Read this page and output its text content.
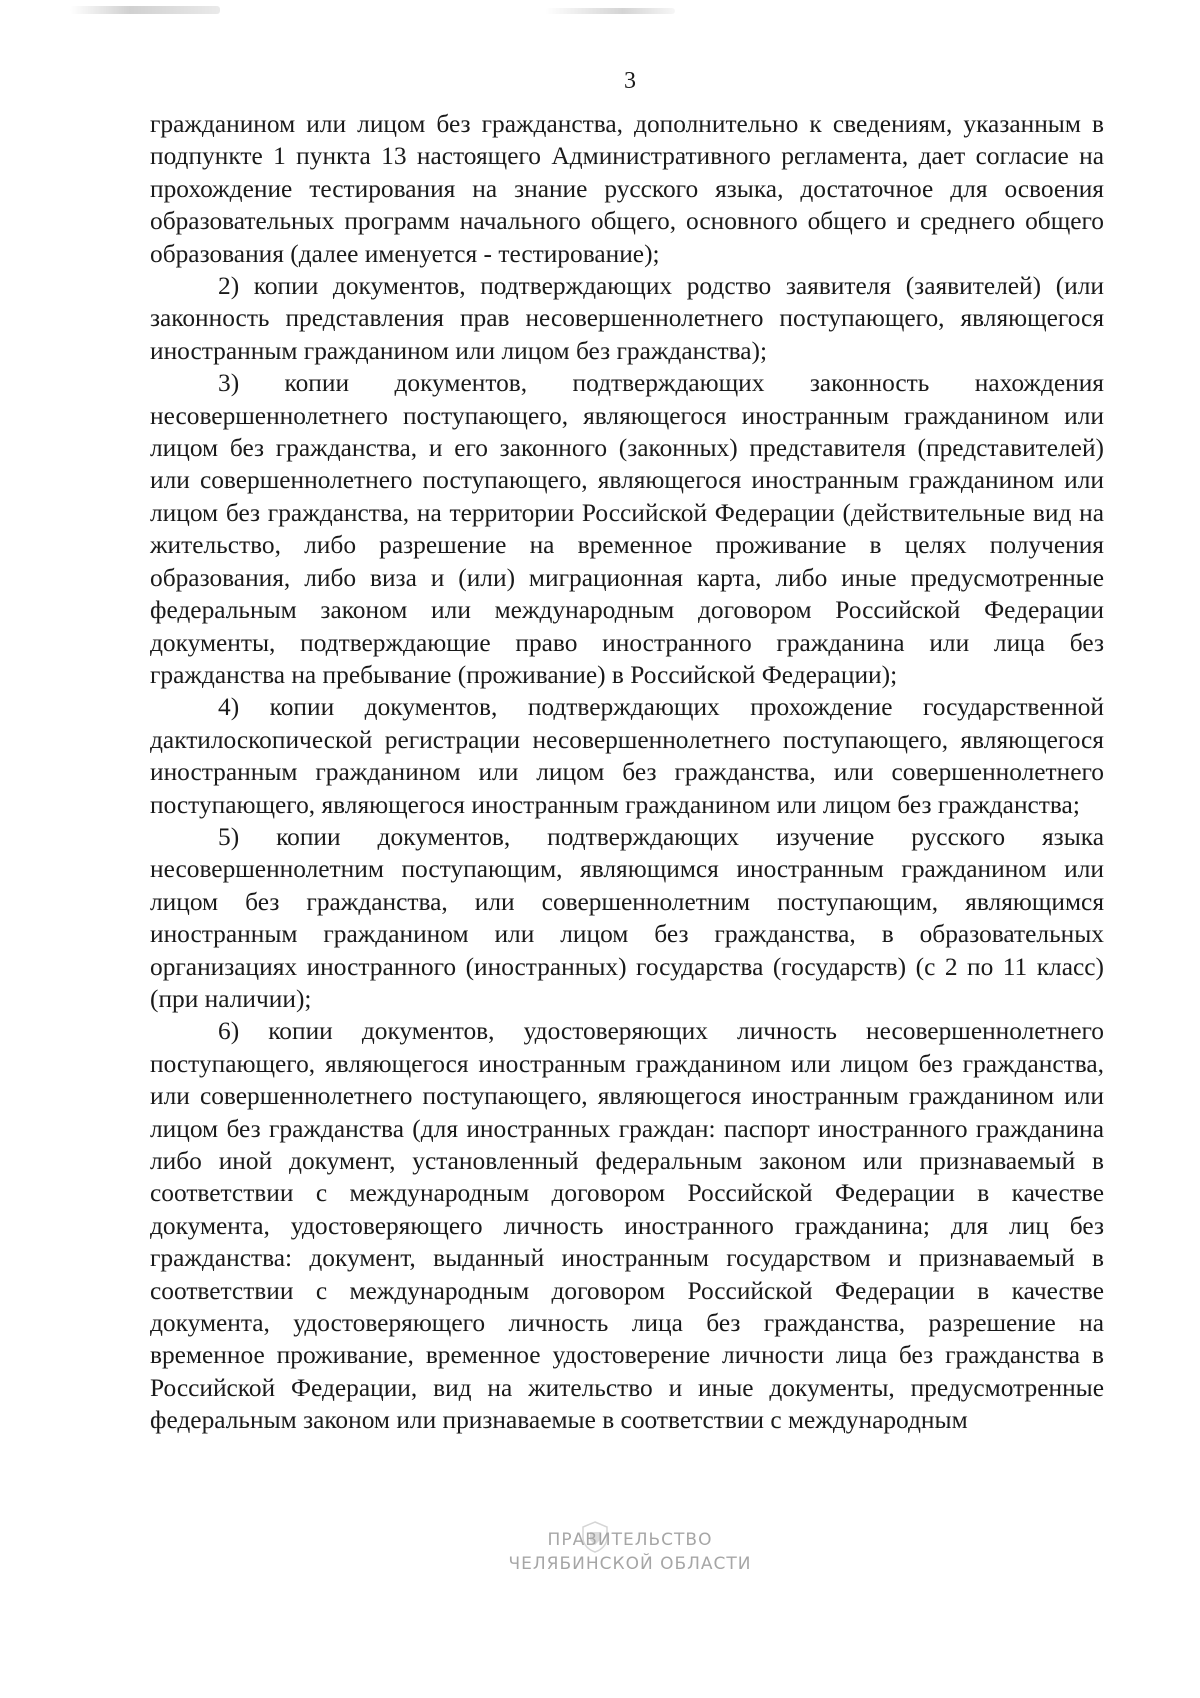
3

гражданином или лицом без гражданства, дополнительно к сведениям, указанным в подпункте 1 пункта 13 настоящего Административного регламента, дает согласие на прохождение тестирования на знание русского языка, достаточное для освоения образовательных программ начального общего, основного общего и среднего общего образования (далее именуется - тестирование);

2) копии документов, подтверждающих родство заявителя (заявителей) (или законность представления прав несовершеннолетнего поступающего, являющегося иностранным гражданином или лицом без гражданства);

3) копии документов, подтверждающих законность нахождения несовершеннолетнего поступающего, являющегося иностранным гражданином или лицом без гражданства, и его законного (законных) представителя (представителей) или совершеннолетнего поступающего, являющегося иностранным гражданином или лицом без гражданства, на территории Российской Федерации (действительные вид на жительство, либо разрешение на временное проживание в целях получения образования, либо виза и (или) миграционная карта, либо иные предусмотренные федеральным законом или международным договором Российской Федерации документы, подтверждающие право иностранного гражданина или лица без гражданства на пребывание (проживание) в Российской Федерации);

4) копии документов, подтверждающих прохождение государственной дактилоскопической регистрации несовершеннолетнего поступающего, являющегося иностранным гражданином или лицом без гражданства, или совершеннолетнего поступающего, являющегося иностранным гражданином или лицом без гражданства;

5) копии документов, подтверждающих изучение русского языка несовершеннолетним поступающим, являющимся иностранным гражданином или лицом без гражданства, или совершеннолетним поступающим, являющимся иностранным гражданином или лицом без гражданства, в образовательных организациях иностранного (иностранных) государства (государств) (с 2 по 11 класс) (при наличии);

6) копии документов, удостоверяющих личность несовершеннолетнего поступающего, являющегося иностранным гражданином или лицом без гражданства, или совершеннолетнего поступающего, являющегося иностранным гражданином или лицом без гражданства (для иностранных граждан: паспорт иностранного гражданина либо иной документ, установленный федеральным законом или признаваемый в соответствии с международным договором Российской Федерации в качестве документа, удостоверяющего личность иностранного гражданина; для лиц без гражданства: документ, выданный иностранным государством и признаваемый в соответствии с международным договором Российской Федерации в качестве документа, удостоверяющего личность лица без гражданства, разрешение на временное проживание, временное удостоверение личности лица без гражданства в Российской Федерации, вид на жительство и иные документы, предусмотренные федеральным законом или признаваемые в соответствии с международным

ПРАВИТЕЛЬСТВО
ЧЕЛЯБИНСКОЙ ОБЛАСТИ
